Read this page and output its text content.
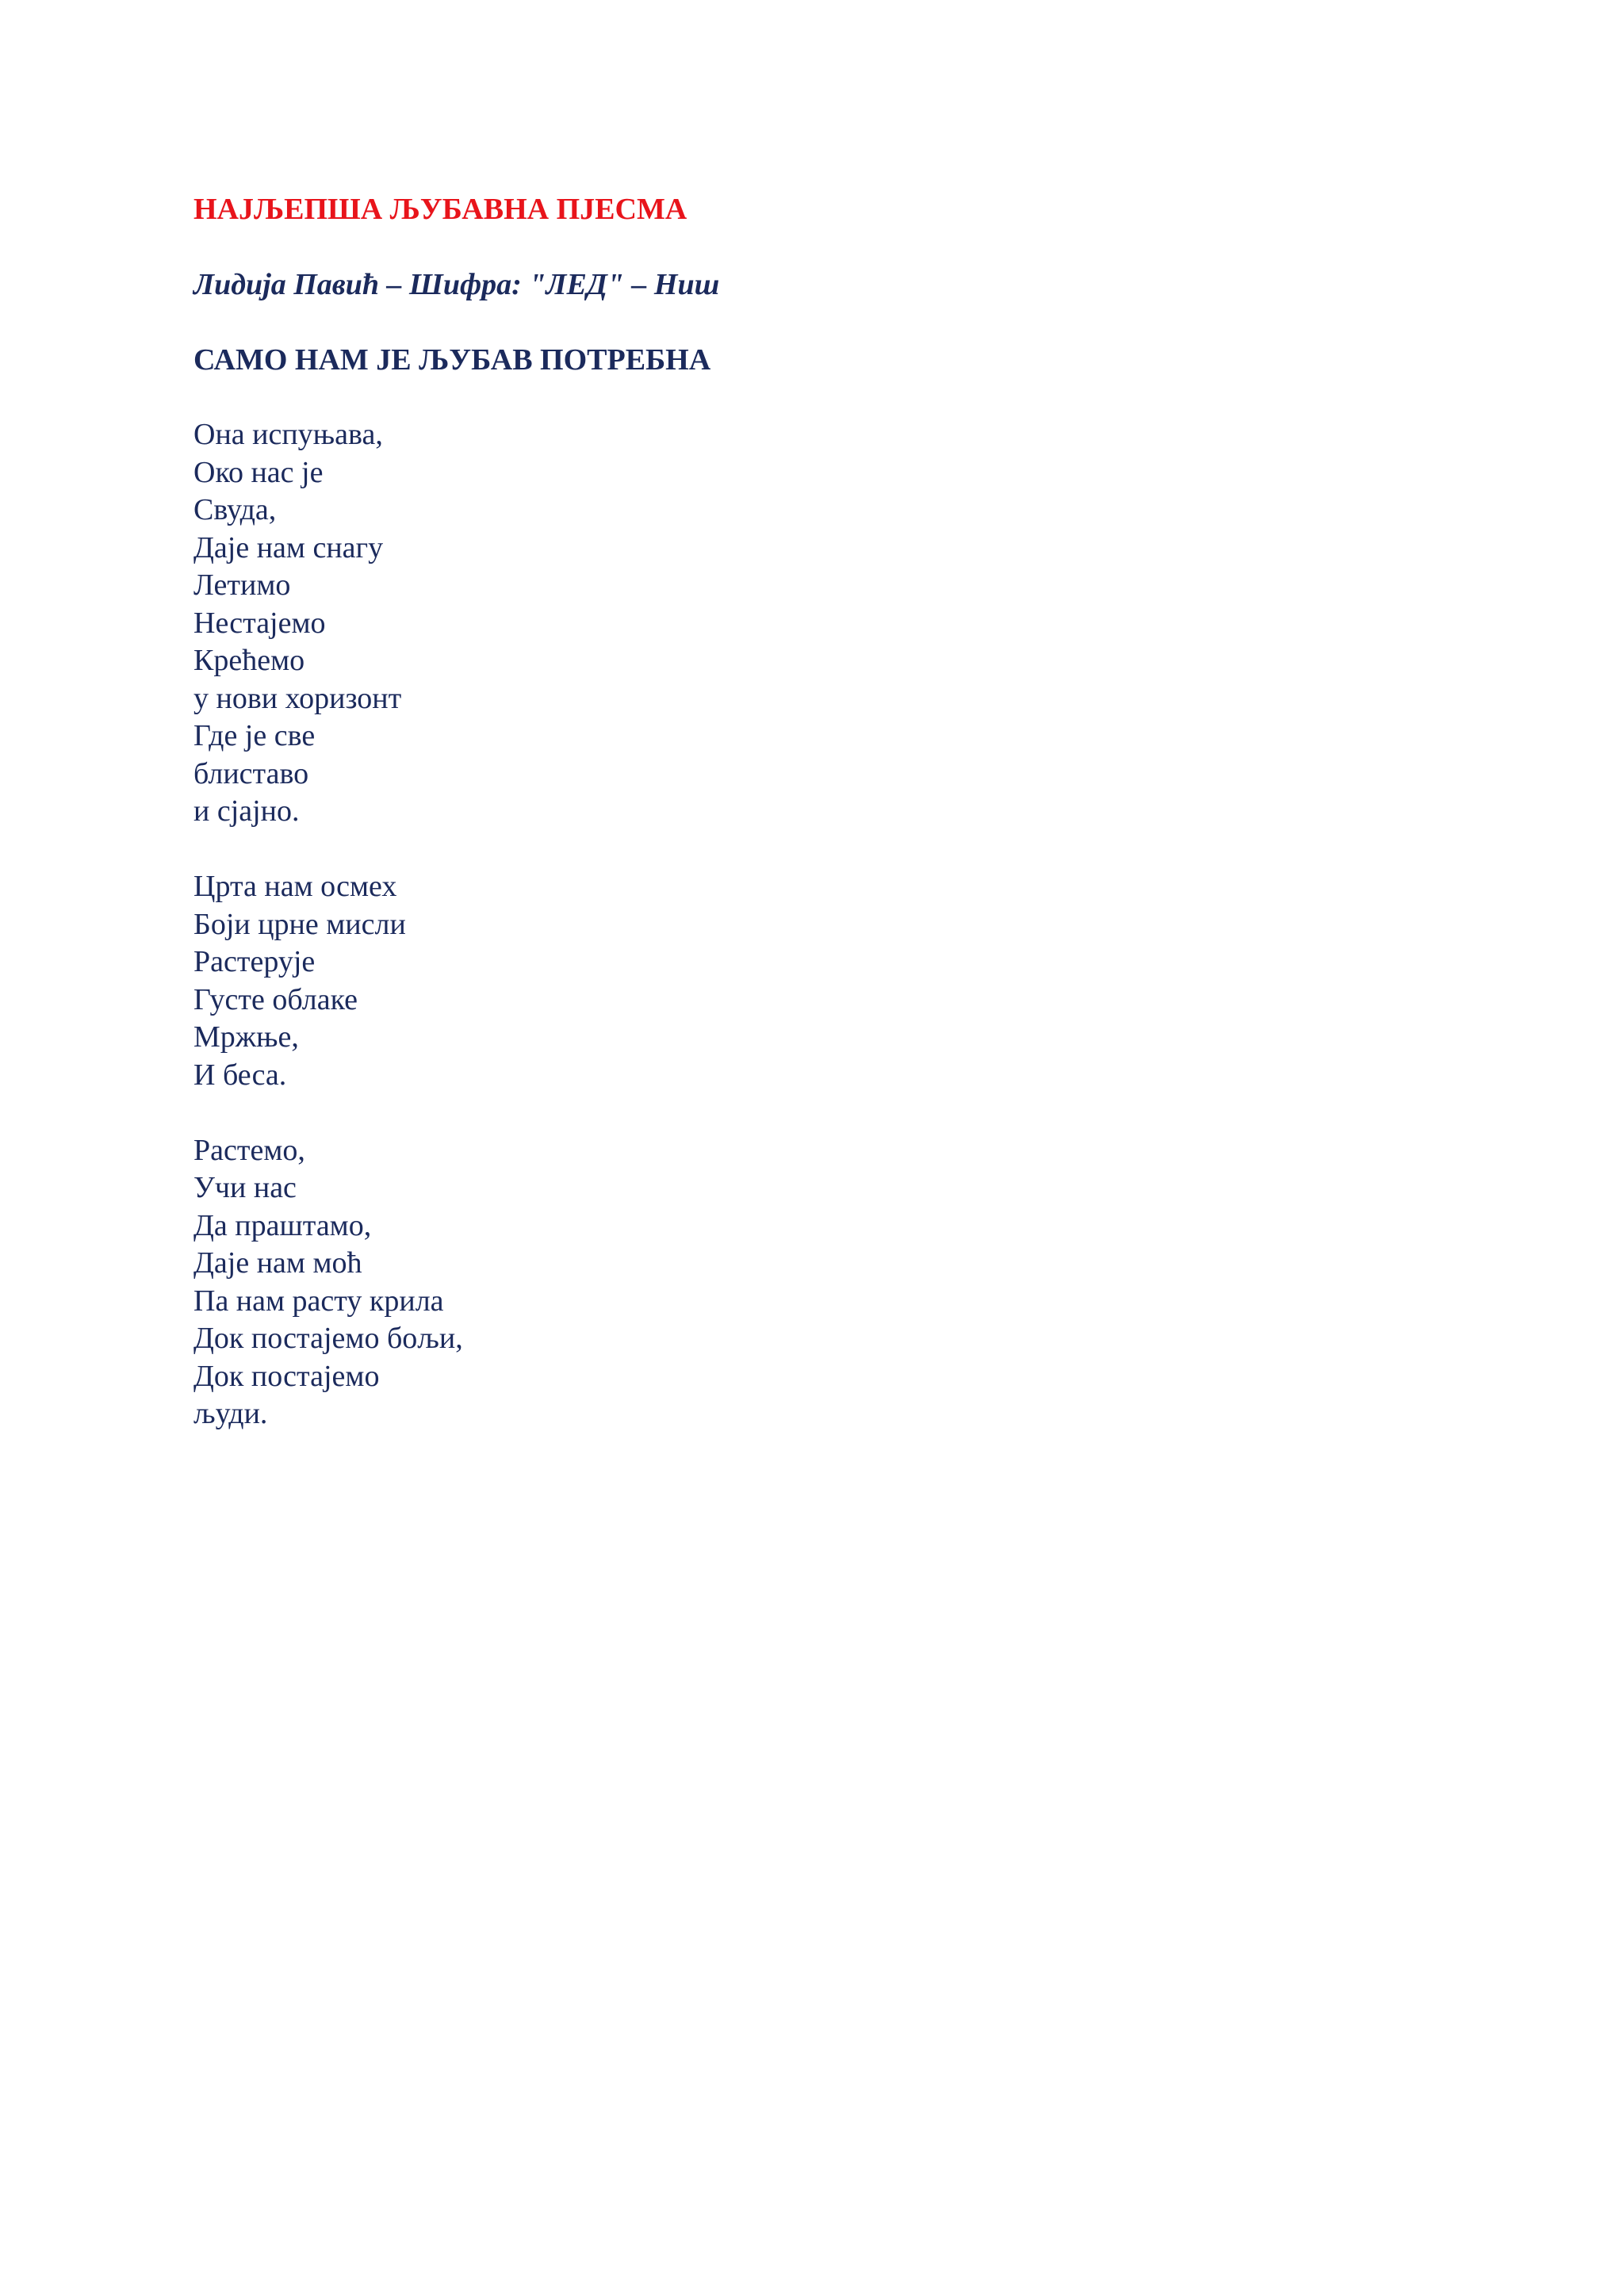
НАЈЉЕПША ЉУБАВНА ПЈЕСМА
Лидија Павић – Шифра: "ЛЕД" – Ниш
САМО НАМ ЈЕ ЉУБАВ ПОТРЕБНА
Она испуњава,
Око нас је
Свуда,
Даје нам снагу
Летимо
Нестајемо
Крећемо
у нови хоризонт
Где је све
блиставо
и сјајно.
Црта нам осмех
Боји црне мисли
Растерује
Густе облаке
Мржње,
И беса.
Растемо,
Учи нас
Да праштамо,
Даје нам моћ
Па нам расту крила
Док постајемо бољи,
Док постајемо
људи.
